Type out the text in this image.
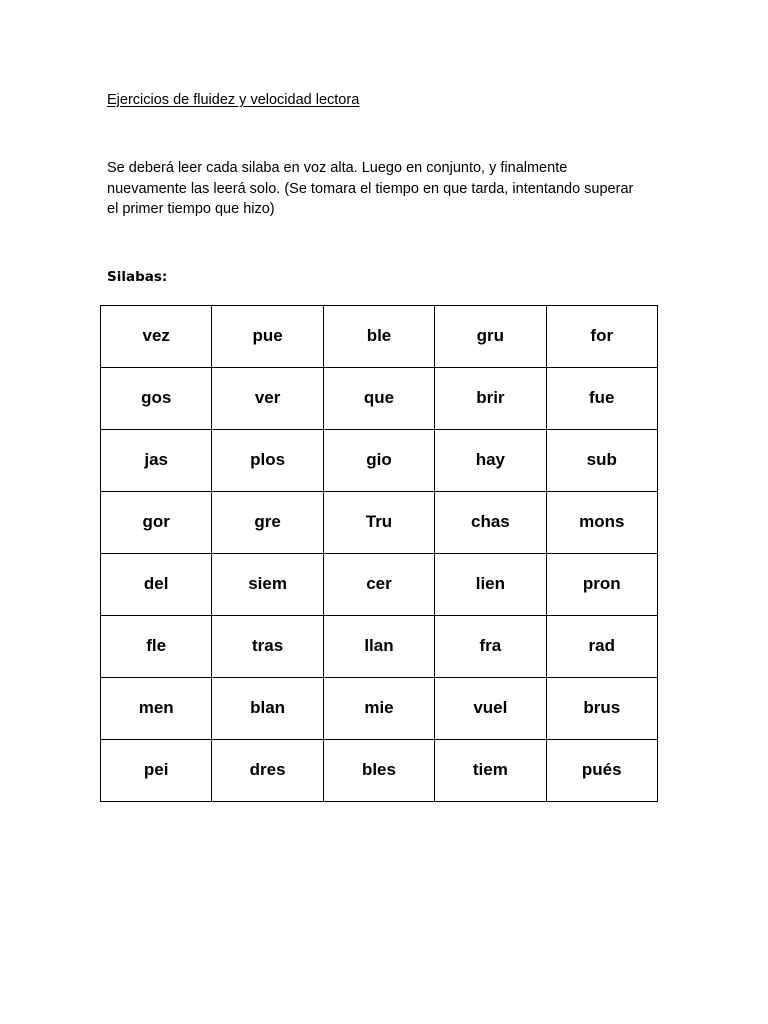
Ejercicios de fluidez y velocidad lectora
Se deberá leer cada silaba en voz alta. Luego en conjunto, y finalmente
nuevamente las leerá solo. (Se tomara el tiempo en que tarda, intentando superar
el primer tiempo que hizo)
Silabas:
vez	pue	ble	gru	for
gos	ver	que	brir	fue
jas	plos	gio	hay	sub
gor	gre	Tru	chas	mons
del	siem	cer	lien	pron
fle	tras	llan	fra	rad
men	blan	mie	vuel	brus
pei	dres	bles	tiem	pués
